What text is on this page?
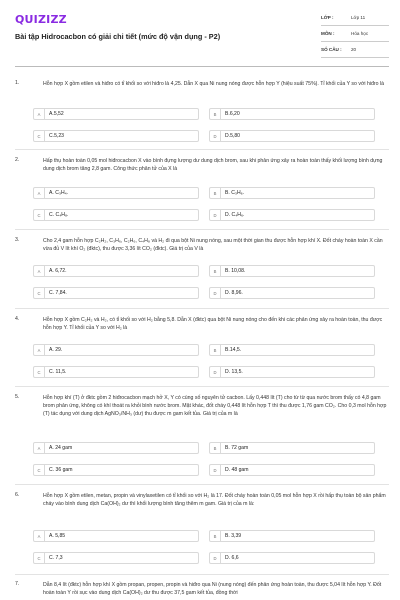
QUIZIZZ
Bài tập Hidrocacbon có giải chi tiết (mức độ vận dụng - P2)
LỚP :	Lớp 11
MÔN :	Hóa học
SỐ CÂU :	20
1.	Hỗn hợp X gồm etilen và hiđro có tỉ khối so với hiđro là 4,25. Dẫn X qua Ni nung nóng được hỗn hợp Y (hiệu suất 75%). Tỉ khối của Y so với hiđro là
A	A.5,52	B	B.6,20
C	C.5,23	D	D.5,80
2.	Hấp thụ hoàn toàn 0,05 mol hiđrocacbon X vào bình đựng lượng dư dung dịch brom, sau khi phản ứng xảy ra hoàn toàn thấy khối lượng bình dựng dung dịch brom tăng 2,8 gam. Công thức phân tử của X là
A	A. C₃H₄.	B	B. C₃H₆.
C	C. C₄H₈.	D	D. C₄H₆.
3.	Cho 2,4 gam hỗn hợp C₂H₂, C₃H₆, C₂H₆, C₄H₈ và H₂ đi qua bột Ni nung nóng, sau một thời gian thu được hỗn hợp khí X. Đốt cháy hoàn toàn X cần vừa đủ V lít khí O₂ (đktc), thu được 3,36 lít CO₂ (đktc). Giá trị của V là
A	A. 6,72.	B	B. 10,08.
C	C. 7,84.	D	D. 8,96.
4.	Hỗn hợp X gồm C₂H₂ và H₂, có tỉ khối so với H₂ bằng 5,8. Dẫn X (đktc) qua bột Ni nung nóng cho đến khi các phản ứng xảy ra hoàn toàn, thu được hỗn hợp Y. Tỉ khối của Y so với H₂ là
A	A. 29.	B	B.14,5.
C	C. 11,5.	D	D. 13,5.
5.	Hỗn hợp khí (T) ở đktc gồm 2 hiđrocacbon mạch hở X, Y có cùng số nguyên tử cacbon. Lấy 0,448 lít (T) cho từ từ qua nước brom thấy có 4,8 gam brom phản ứng, không có khí thoát ra khỏi bình nước brom. Mặt khác, đốt cháy 0,448 lít hỗn hợp T thì thu được 1,76 gam CO₂. Cho 0,3 mol hỗn hợp (T) tác dụng với dung dịch AgNO₃/NH₃ (dư) thu được m gam kết tủa. Giá trị của m là
A	A. 24 gam	B	B. 72 gam
C	C. 36 gam	D	D. 48 gam
6.	Hỗn hợp X gồm etilen, metan, propin và vinylaxetilen có tỉ khối so với H₂ là 17. Đốt cháy hoàn toàn 0,05 mol hỗn hợp X rồi hấp thụ toàn bộ sản phẩm cháy vào bình dung dịch Ca(OH)₂ dư thì khối lượng bình tăng thêm m gam. Giá trị của m là:
A	A. 5,85	B	B. 3,39
C	C. 7,3	D	D. 6,6
7.	Dẫn 8,4 lít (đktc) hỗn hợp khí X gồm propan, propen, propin và hiđro qua Ni (nung nóng) đến phản ứng hoàn toàn, thu được 5,04 lít hỗn hợp Y. Đốt hoàn toàn Y rồi sục vào dung dịch Ca(OH)₂ dư thu được 37,5 gam kết tủa, đồng thời
